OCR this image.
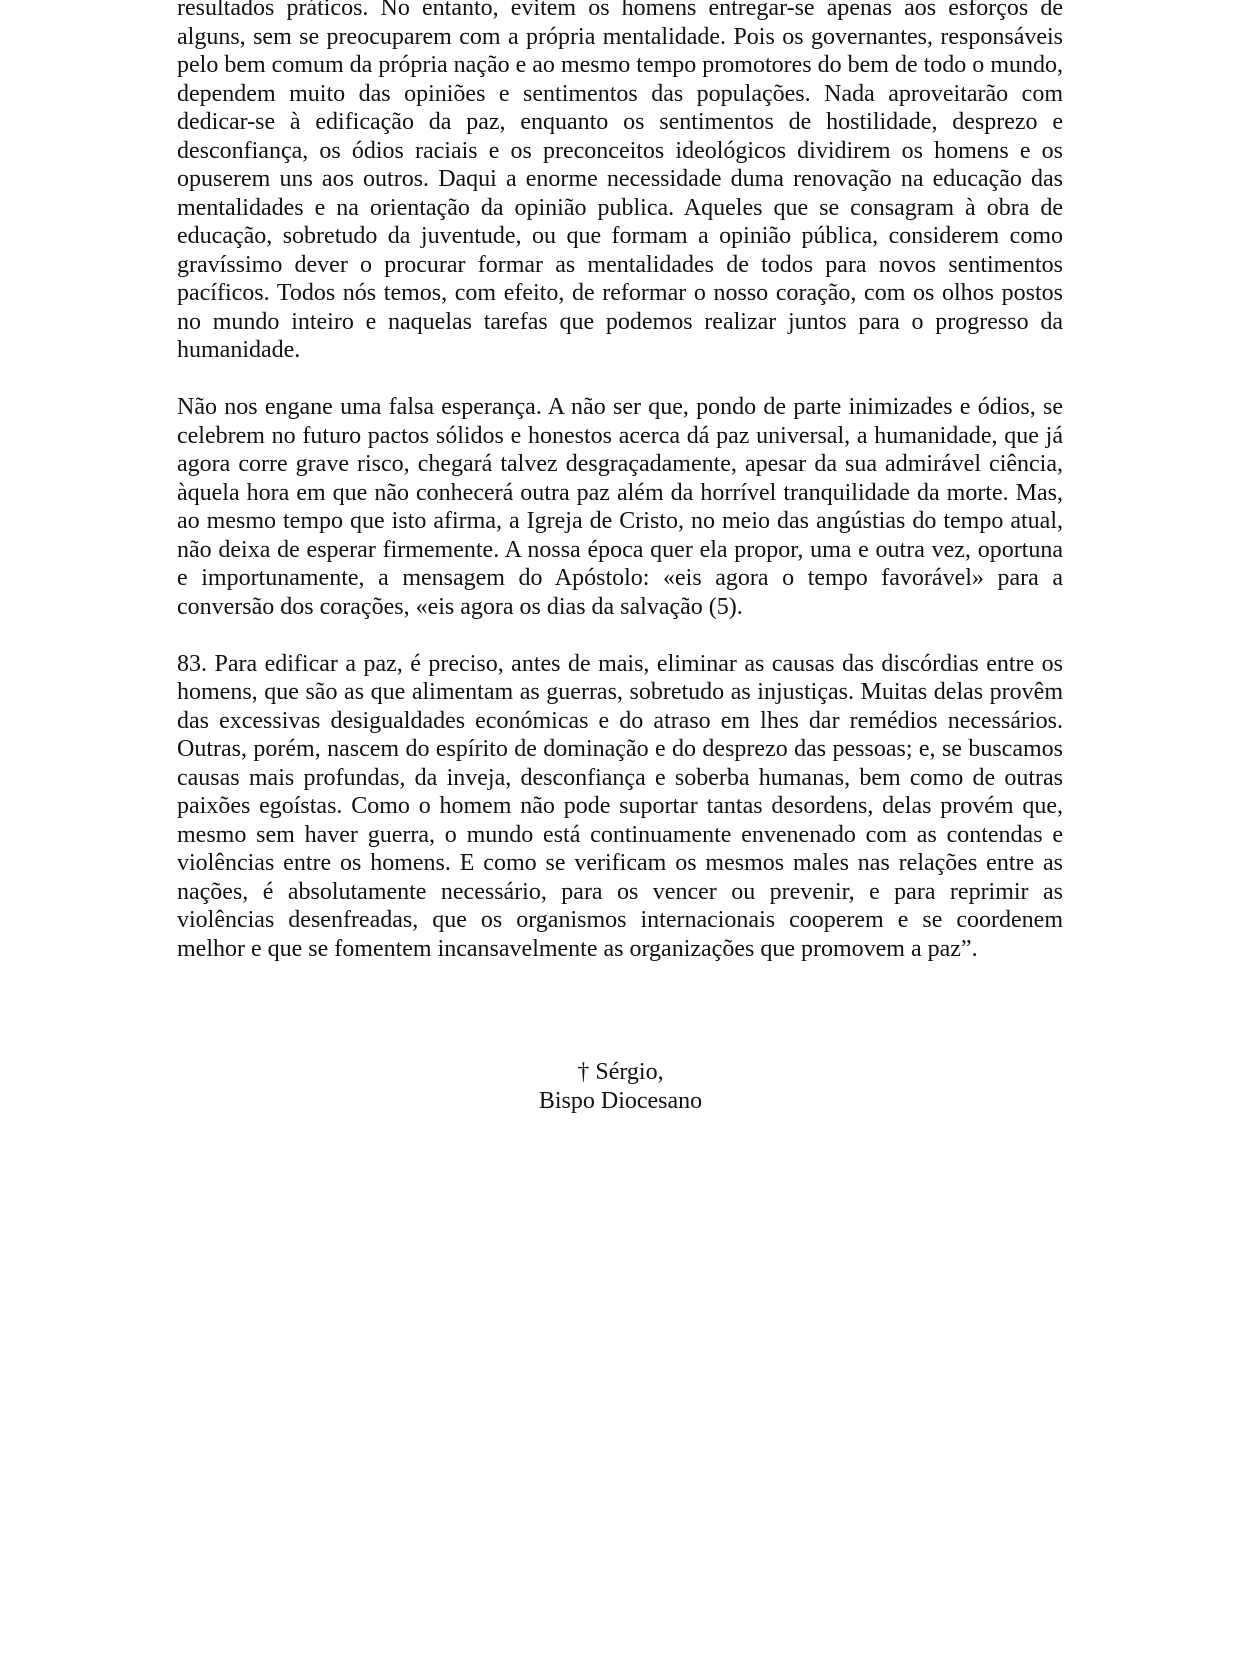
resultados práticos. No entanto, evitem os homens entregar-se apenas aos esforços de alguns, sem se preocuparem com a própria mentalidade. Pois os governantes, responsáveis pelo bem comum da própria nação e ao mesmo tempo promotores do bem de todo o mundo, dependem muito das opiniões e sentimentos das populações. Nada aproveitarão com dedicar-se à edificação da paz, enquanto os sentimentos de hostilidade, desprezo e desconfiança, os ódios raciais e os preconceitos ideológicos dividirem os homens e os opuserem uns aos outros. Daqui a enorme necessidade duma renovação na educação das mentalidades e na orientação da opinião publica. Aqueles que se consagram à obra de educação, sobretudo da juventude, ou que formam a opinião pública, considerem como gravíssimo dever o procurar formar as mentalidades de todos para novos sentimentos pacíficos. Todos nós temos, com efeito, de reformar o nosso coração, com os olhos postos no mundo inteiro e naquelas tarefas que podemos realizar juntos para o progresso da humanidade.

Não nos engane uma falsa esperança. A não ser que, pondo de parte inimizades e ódios, se celebrem no futuro pactos sólidos e honestos acerca dá paz universal, a humanidade, que já agora corre grave risco, chegará talvez desgraçadamente, apesar da sua admirável ciência, àquela hora em que não conhecerá outra paz além da horrível tranquilidade da morte. Mas, ao mesmo tempo que isto afirma, a Igreja de Cristo, no meio das angústias do tempo atual, não deixa de esperar firmemente. A nossa época quer ela propor, uma e outra vez, oportuna e importunamente, a mensagem do Apóstolo: «eis agora o tempo favorável» para a conversão dos corações, «eis agora os dias da salvação (5).

83. Para edificar a paz, é preciso, antes de mais, eliminar as causas das discórdias entre os homens, que são as que alimentam as guerras, sobretudo as injustiças. Muitas delas provêm das excessivas desigualdades económicas e do atraso em lhes dar remédios necessários. Outras, porém, nascem do espírito de dominação e do desprezo das pessoas; e, se buscamos causas mais profundas, da inveja, desconfiança e soberba humanas, bem como de outras paixões egoístas. Como o homem não pode suportar tantas desordens, delas provém que, mesmo sem haver guerra, o mundo está continuamente envenenado com as contendas e violências entre os homens. E como se verificam os mesmos males nas relações entre as nações, é absolutamente necessário, para os vencer ou prevenir, e para reprimir as violências desenfreadas, que os organismos internacionais cooperem e se coordenem melhor e que se fomentem incansavelmente as organizações que promovem a paz”.

† Sérgio,
Bispo Diocesano
